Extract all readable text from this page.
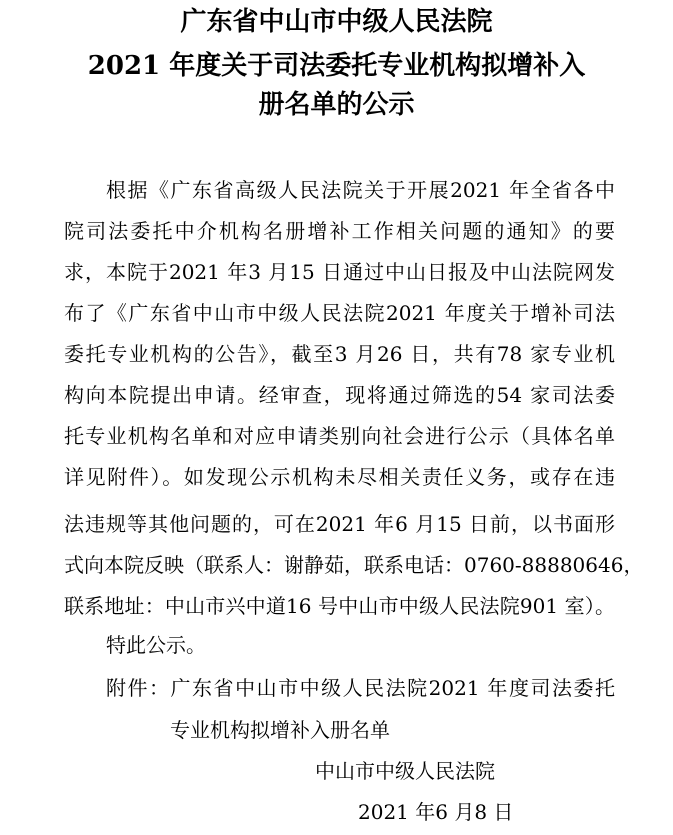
广东省中山市中级人民法院
2021 年度关于司法委托专业机构拟增补入
册名单的公示
根据《广东省高级人民法院关于开展2021 年全省各中
院司法委托中介机构名册增补工作相关问题的通知》的要
求，本院于2021 年3 月15 日通过中山日报及中山法院网发
布了《广东省中山市中级人民法院2021 年度关于增补司法
委托专业机构的公告》，截至3 月26 日，共有78 家专业机
构向本院提出申请。经审查，现将通过筛选的54 家司法委
托专业机构名单和对应申请类别向社会进行公示（具体名单
详见附件）。如发现公示机构未尽相关责任义务，或存在违
法违规等其他问题的，可在2021 年6 月15 日前，以书面形
式向本院反映（联系人：谢静茹，联系电话：0760-88880646，
联系地址：中山市兴中道16 号中山市中级人民法院901 室）。
特此公示。
附件：广东省中山市中级人民法院2021 年度司法委托
专业机构拟增补入册名单
中山市中级人民法院
2021 年6 月8 日
